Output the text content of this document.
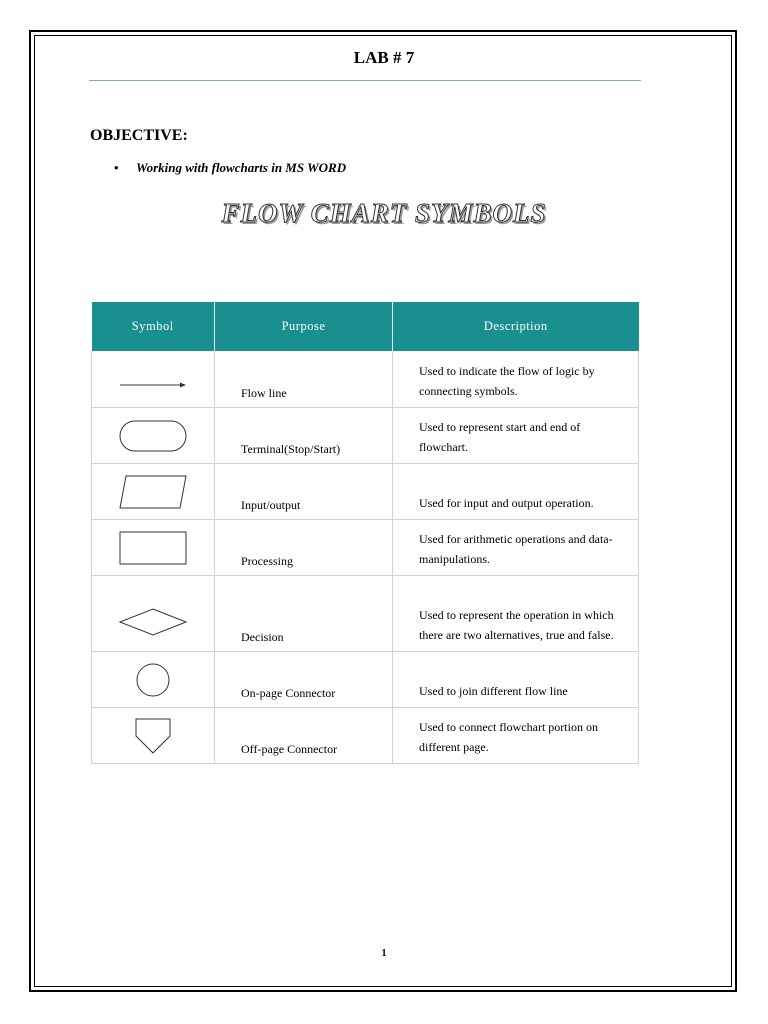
LAB # 7
OBJECTIVE:
• Working with flowcharts in MS WORD
FLOW CHART SYMBOLS
Symbol	Purpose	Description

	Flow line	Used to indicate the flow of logic by connecting symbols.

	Terminal(Stop/Start)	Used to represent start and end of flowchart.

	Input/output	Used for input and output operation.

	Processing	Used for arithmetic operations and data-manipulations.

	Decision	Used to represent the operation in which there are two alternatives, true and false.

	On-page Connector	Used to join different flow line

	Off-page Connector	Used to connect flowchart portion on different page.
1
